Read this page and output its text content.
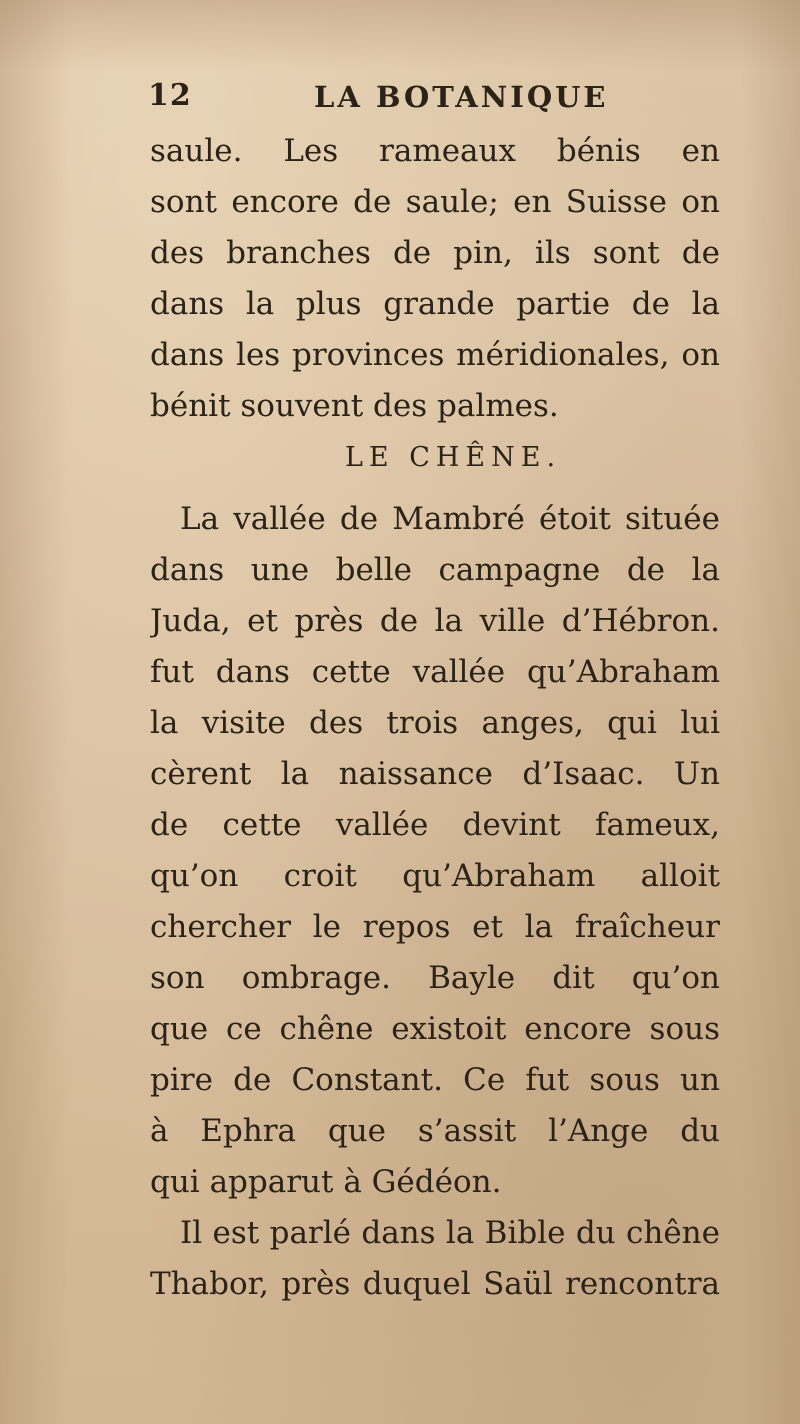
12	LA BOTANIQUE
saule. Les rameaux bénis en
sont encore de saule; en Suisse on
des branches de pin, ils sont de
dans la plus grande partie de la
dans les provinces méridionales, on
bénit souvent des palmes.
LE CHÊNE.
La vallée de Mambré étoit située
dans une belle campagne de la
Juda, et près de la ville d’Hébron.
fut dans cette vallée qu’Abraham
la visite des trois anges, qui lui
cèrent la naissance d’Isaac. Un
de cette vallée devint fameux,
qu’on croit qu’Abraham alloit
chercher le repos et la fraîcheur
son ombrage. Bayle dit qu’on
que ce chêne existoit encore sous
pire de Constant. Ce fut sous un
à Ephra que s’assit l’Ange du
qui apparut à Gédéon.
Il est parlé dans la Bible du chêne
Thabor, près duquel Saül rencontra
